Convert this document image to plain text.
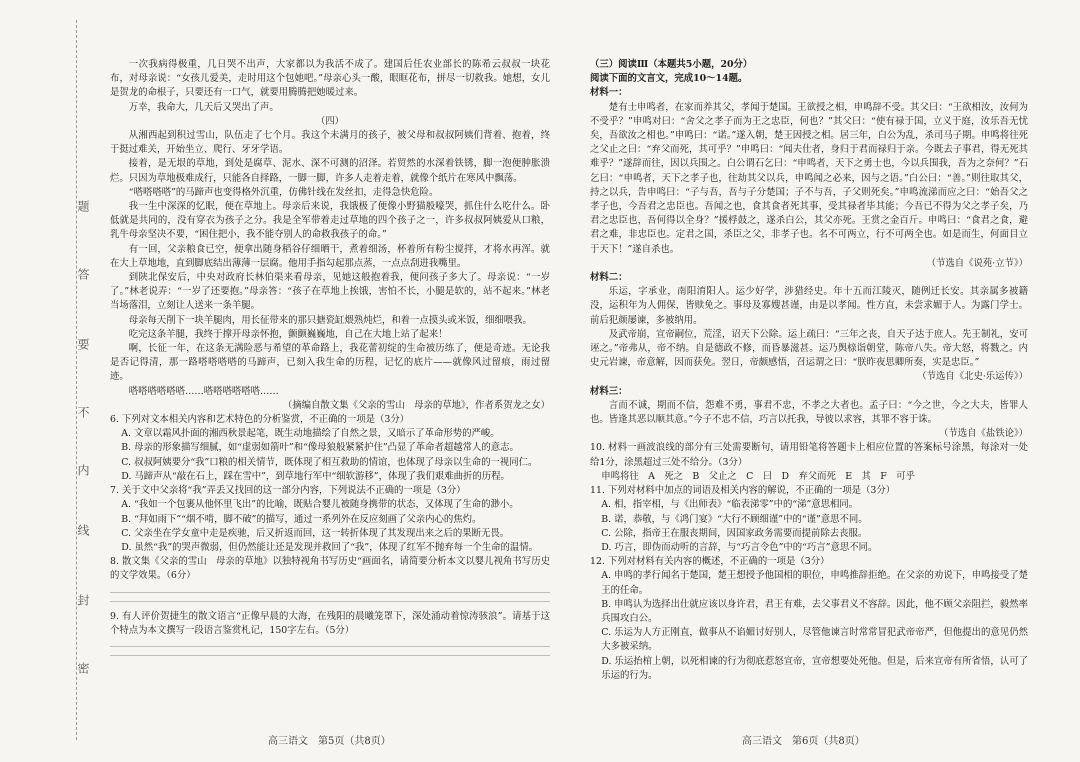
题
答
要
不
内
线
封
密

一次我病得极重，几日哭不出声，大家都以为我活不成了。建国后任农业部长的陈希云叔叔一块花布，对母亲说：“女孩儿爱美，走时用这个包她吧。”母亲心头一酸，眼眶花布，拼尽一切救我。她想，女儿是贺龙的命根子，只要还有一口气，就要用腾腾把她暖过来。

万幸，我命大，几天后又哭出了声。

（四）

从湘西起到积过雪山，队伍走了七个月。我这个未满月的孩子，被父母和叔叔阿姨们背着、抱着，终于挺过难关，开始坐立、爬行、牙牙学语。

接着，是无垠的草地，到处是腐草、泥水、深不可测的沼泽。若贸然的水深着铁锈，脚一泡便肿胀溃烂。只因为草地极难成行，只能各自择路，一脚一脚，许多人走着走着，就像个纸片在寒风中飘荡。

“嗒嗒嗒嗒”的马蹄声也变得格外沉重，仿佛针线在发丝扣，走得急快危险。

我一生中深深的忆眠，便在草地上。母亲后来说，我饿极了便像小野猫般嚎哭，抓住什么吃什么。卧低就是共同的，没有穿衣为孩子之分。我是全军带着走过草地的四个孩子之一，许多叔叔阿姨爱从口粮，乳牛母亲坚决不要，“困住把小，我不能夺别人的命救我孩子的命。”

有一回，父亲粮食已空，便拿出随身稻谷仔细晒干，煮着细汤，杯着所有粉尘搅拌，才将水再浑。就在大上草地地，直到脚底结出薄薄一层腐。他用手指勾起那点蒸，一点点刮进我嘴里。

到陕北保安后，中央对政府长林伯渠来看母亲，见她这般抱着我，便问孩子多大了。母亲说：“一岁了。”林老说弄：“一岁了还要抱。”母亲答：“孩子在草地上挨饿，害怕不长，小腿是软的，站不起来。”林老当场落泪，立刻让人送来一条羊腿。

母亲每天削下一块羊腿肉，用长征带来的那只搪瓷缸煨熟炖烂，和着一点摸头或米饭，细细喂我。

吃完这条羊腿，我终于撑开母亲怀抱，颤颤巍巍地，自己在大地上站了起来！

啊，长征一年，在这条无满险恶与希望的革命路上，我花蕾初绽的生命被历练了，便是奇迹。无论我是否记得清，那一路嗒嗒嗒嗒的马蹄声，已刻入我生命的历程，记忆的底片——就像风过留痕，雨过留迹。

嗒嗒嗒嗒嗒嗒……嗒嗒嗒嗒嗒嗒……

（摘编自散文集《父亲的雪山　母亲的草地》，作者系贺龙之女）

6. 下列对文本相关内容和艺术特色的分析鉴赏，不正确的一项是（3分）

A. 文章以霜风扑面的湘西秋景起笔，既生动地描绘了自然之景，又暗示了革命形势的严峻。

B. 母亲的形象描写细腻，如“虚弱如箭叶”和“像母狼般紧紧护住”凸显了革命者超越常人的意志。

C. 叔叔阿姨要分“我”口粮的相关情节，既体现了相互救助的情谊，也体现了母亲以生命的一视同仁。

D. 马蹄声从“敲在石上，踩在雪中”，到草地行军中“细软游移”，体现了我们艰难曲折的历程。

7. 关于文中父亲将“我”弄丢又找回的这一部分内容，下列说法不正确的一项是（3分）

A. “我如一个包裹从他怀里飞出”的比喻，既贴合婴儿被随身携带的状态，又体现了生命的渺小。

B. “拜如雨下”“烟不啃，脚不破”的描写，通过一系列外在反应刻画了父亲内心的焦灼。

C. 父亲坐在学女童中走是疾驰，后又折返而回，这一转折体现了其发现出来之后的果断无畏。

D. 虽然“我”的哭声微弱，但仍然能让还是发现并救回了“我”，体现了红军不抛弃每一个生命的温情。

8. 散文集《父亲的雪山　母亲的草地》以独特视角书写历史“画面名，请简要分析本文以婴儿视角书写历史的文学效果。（6分）

9. 有人评价贺捷生的散文语言“正像早晨的大海，在残阳的晨曦笼罩下，深处涌动着惊涛骇浪”。请基于这个特点为本文撰写一段语言鉴赏札记，150字左右。（5分）

（三）阅读Ⅲ（本题共5小题，20分）

阅读下面的文言文，完成10～14题。

材料一：

楚有士申鸣者，在家而养其父，孝闻于楚国。王欲授之相，申鸣辞不受。其父曰：“王欲相汝，汝何为不受乎？”申鸣对曰：“舍父之孝子而为王之忠臣，何也？”其父曰：“使有禄于国，立义于庭，汝乐吾无忧矣，吾欲汝之相也。”申鸣曰：“诺。”遂入朝，楚王因授之相。居三年，白公为乱，杀司马子期。申鸣将往死之父止之曰：“弃父而死，其可乎？”申鸣曰：“闻夫仕者，身归于君而禄归于亲。今既去子事君，得无死其难乎？”遂辞而往，因以兵围之。白公谓石乞曰：“申鸣者，天下之勇士也，今以兵围我，吾为之奈何？”石乞曰：“申鸣者，天下之孝子也，往劫其父以兵，申鸣闻之必来，因与之语。”白公曰：“善。”则往取其父，持之以兵，告申鸣曰：“子与吾，吾与子分楚国；子不与吾，子父则死矣。”申鸣流涕而应之曰：“始吾父之孝子也，今吾君之忠臣也。吾闻之也，食其食者死其事，受其禄者毕其能；今吾已不得为父之孝子矣，乃君之忠臣也，吾何得以全身？”援桴鼓之，遂杀白公，其父亦死。王赏之金百斤。申鸣曰：“食君之食，避君之难，非忠臣也。定君之国，杀臣之父，非孝子也。名不可两立，行不可两全也。如是而生，何面目立于天下！”遂自杀也。

（节选自《说苑·立节》）

材料二：

乐运，字承业，南阳淯阳人。运少好学，涉猎经史。年十五而江陵灭，随例迁长安。其亲属多被籍没，运积年为人佣保，皆赎免之。事母及寡嫂甚谨，由是以孝闻。性方直，未尝求媚于人。为露门学士。前后犯颜屡谏，多被纳用。

及武帝崩，宣帝嗣位，荒淫，诏天下公除。运上疏曰：“三年之丧，自天子达于庶人。先王制礼，安可诬之。”帝弗从，帝不纳。自是德政不修，而昏暴滋甚。运乃舆榇诣朝堂，陈帝八失。帝大怒，将戮之。内史元岩谏，帝意解，因而获免。翌日，帝颇感悟，召运谓之曰：“朕昨夜思卿所奏，实是忠臣。”

（节选自《北史·乐运传》）

材料三：

言而不诚，期而不信，怨难不勇，事君不忠，不孝之大者也。孟子曰：“今之世，今之大夫，皆罪人也。皆逢其恶以顺其意。”今子不忠不信，巧言以托我，导彼以求容，其罪不容于诛。

（节选自《盐铁论》）

10. 材料一画波浪线的部分有三处需要断句，请用铅笔将答题卡上相应位置的答案标号涂黑，每涂对一处给1分，涂黑超过三处不给分。（3分）

申鸣将往　A　死之　B　父止之　C　曰　D　弃父而死　E　其　F　可乎

11. 下列对材料中加点的词语及相关内容的解说，不正确的一项是（3分）

A. 相，指宰相，与《出师表》“临表涕零”中的“涕”意思相同。

B. 诺，恭敬，与《鸿门宴》“大行不顾细谨”中的“谨”意思不同。

C. 公除，指帝王在服丧期间，因国家政务需要而提前除去丧服。

D. 巧言，即伪而动听的言辞，与“巧言令色”中的“巧言”意思不同。

12. 下列对材料有关内容的概述，不正确的一项是（3分）

A. 申鸣的孝行闻名于楚国，楚王想授予他国相的职位，申鸣推辞拒绝。在父亲的劝说下，申鸣接受了楚王的任命。

B. 申鸣认为选择出仕就应该以身许君，君王有难，去父事君义不容辞。因此，他不顾父亲阻拦，毅然率兵围攻白公。

C. 乐运为人方正刚直，做事从不谄媚讨好别人，尽管他谏言时常常冒犯武帝帝严，但他提出的意见仍然大多被采纳。

D. 乐运抬棺上朝，以死相谏的行为彻底惹怒宣帝，宣帝想要处死他。但是，后来宣帝有所省悟，认可了乐运的行为。

高三语文　第5页（共8页）	高三语文　第6页（共8页）
